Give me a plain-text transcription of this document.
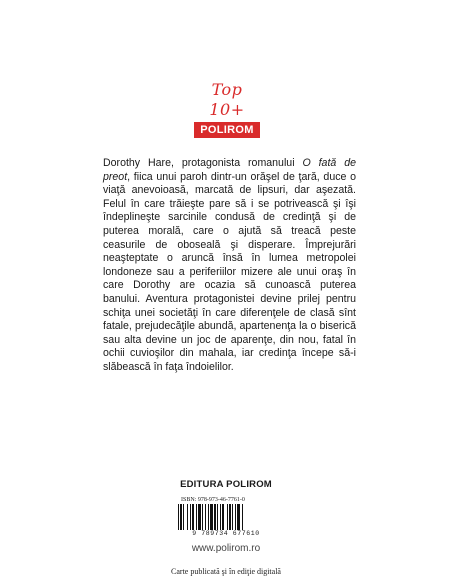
Top 10+
POLIROM

Dorothy Hare, protagonista romanului O fată de preot, fiica unui paroh dintr-un orăşel de ţară, duce o viaţă anevoioasă, marcată de lipsuri, dar aşezată. Felul în care trăieşte pare să i se potrivească şi îşi îndeplineşte sarcinile condusă de credinţă şi de puterea morală, care o ajută să treacă peste ceasurile de oboseală şi disperare. Împrejurări neaşteptate o aruncă însă în lumea metropolei londoneze sau a periferiilor mizere ale unui oraş în care Dorothy are ocazia să cunoască puterea banului. Aventura protagonistei devine prilej pentru schiţa unei societăţi în care diferenţele de clasă sînt fatale, prejudecăţile abundă, apartenenţa la o biserică sau alta devine un joc de aparenţe, din nou, fatal în ochii cuvioşilor din mahala, iar credinţa începe să-i slăbească în faţa îndoielilor.

EDITURA POLIROM
ISBN: 978-973-46-7761-0
9 789734 677610
www.polirom.ro
Carte publicată şi în ediţie digitală
